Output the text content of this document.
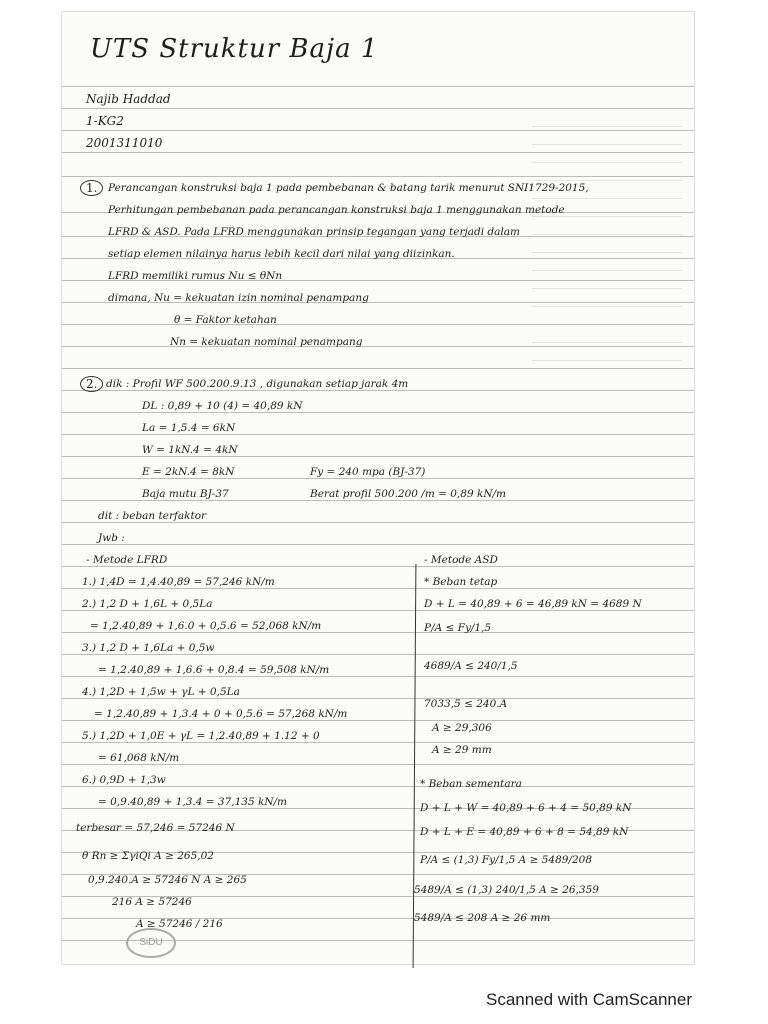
UTS Struktur Baja 1
Najib Haddad
1-KG2
2001311010
1.	Perancangan konstruksi baja 1 pada pembebanan & batang tarik menurut SNI1729-2015,
Perhitungan pembebanan pada perancangan konstruksi baja 1 menggunakan metode
LFRD & ASD. Pada LFRD menggunakan prinsip tegangan yang terjadi dalam
setiap elemen nilainya harus lebih kecil dari nilai yang diizinkan.
LFRD memiliki rumus Nu ≤ θNn
dimana, Nu = kekuatan izin nominal penampang
θ = Faktor ketahan
Nn = kekuatan nominal penampang
2. dik : Profil WF 500.200.9.13 , digunakan setiap jarak 4m
DL : 0,89 + 10 (4) = 40,89 kN
La = 1,5.4 = 6kN
W = 1kN.4 = 4kN
E = 2kN.4 = 8kN	Fy = 240 mpa (BJ-37)
Baja mutu BJ-37	Berat profil 500.200 /m = 0,89 kN/m
dit : beban terfaktor
Jwb :
- Metode LFRD
1.) 1,4D = 1,4.40,89 = 57,246 kN/m
2.) 1,2 D + 1,6L + 0,5La
= 1,2.40,89 + 1,6.0 + 0,5.6 = 52,068 kN/m
3.) 1,2 D + 1,6La + 0,5w
= 1,2.40,89 + 1,6.6 + 0,8.4 = 59,508 kN/m
4.) 1,2D + 1,5w + γL + 0,5La
= 1,2.40,89 + 1,3.4 + 0 + 0,5.6 = 57,268 kN/m
5.) 1,2D + 1,0E + γL = 1,2.40,89 + 1.12 + 0
= 61,068 kN/m
6.) 0,9D + 1,3w
= 0,9.40,89 + 1,3.4 = 37,135 kN/m
terbesar = 57,246 = 57246 N
θ Rn ≥ ΣγiQi A ≥ 265,02
0,9.240.A ≥ 57246 N A ≥ 265
216 A ≥ 57246
A ≥ 57246 / 216
- Metode ASD
* Beban tetap
D + L = 40,89 + 6 = 46,89 kN = 4689 N
P/A ≤ Fy/1,5
4689/A ≤ 240/1,5
7033,5 ≤ 240.A
A ≥ 29,306
A ≥ 29 mm
* Beban sementara
D + L + W = 40,89 + 6 + 4 = 50,89 kN
D + L + E = 40,89 + 6 + 8 = 54,89 kN
P/A ≤ (1,3) Fy/1,5 A ≥ 5489/208
5489/A ≤ (1,3) 240/1,5 A ≥ 26,359
5489/A ≤ 208 A ≥ 26 mm
SiDU
Scanned with CamScanner
